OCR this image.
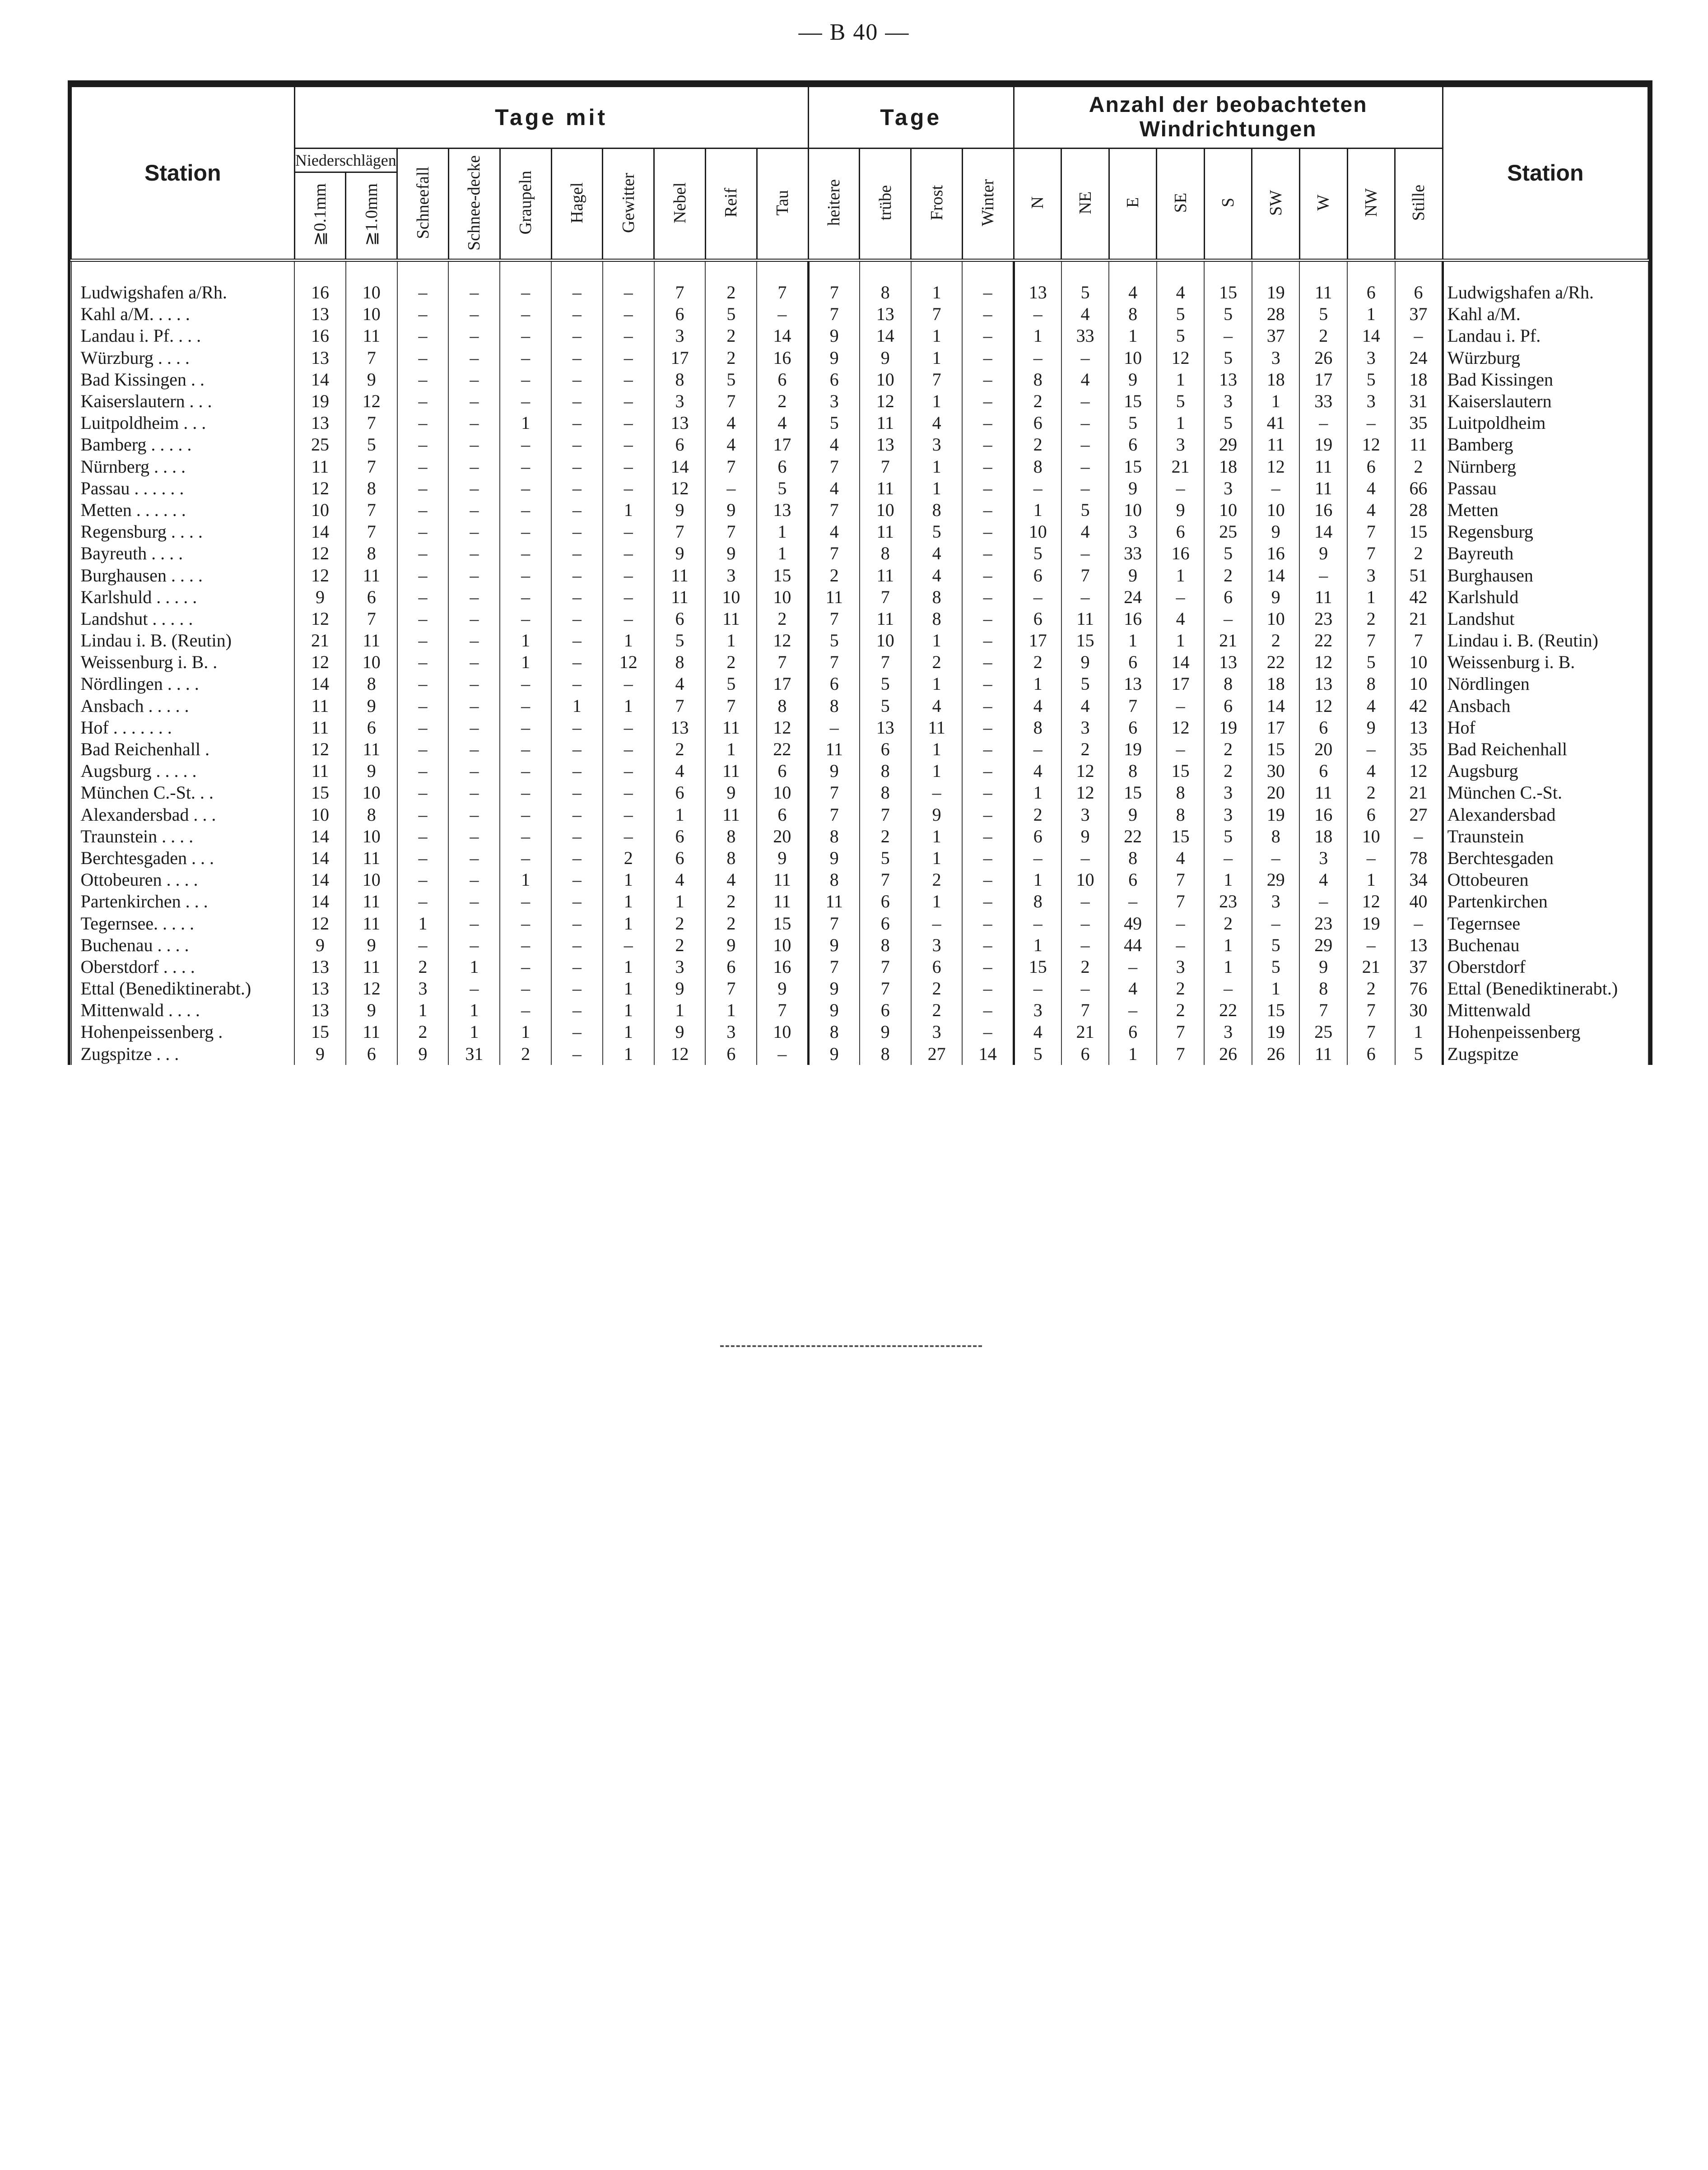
— B 40 —
Station	Tage mit										Tage				Anzahl der beobachteten
Windrichtungen									Station
	Niederschlägen		Schneefall	Schnee-decke	Graupeln	Hagel	Gewitter	Nebel	Reif	Tau	heitere	trübe	Frost	Winter	N	NE	E	SE	S	SW	W	NW	Stille	
	≧0.1mm	≧1.0mm																						
Ludwigshafen a/Rh.	16	10	–	–	–	–	–	7	2	7	7	8	1	–	13	5	4	4	15	19	11	6	6	Ludwigshafen a/Rh.
Kahl a/M. . . . .	13	10	–	–	–	–	–	6	5	–	7	13	7	–	–	4	8	5	5	28	5	1	37	Kahl a/M.
Landau i. Pf. . . .	16	11	–	–	–	–	–	3	2	14	9	14	1	–	1	33	1	5	–	37	2	14	–	Landau i. Pf.
Würzburg . . . .	13	7	–	–	–	–	–	17	2	16	9	9	1	–	–	–	10	12	5	3	26	3	24	Würzburg
Bad Kissingen . .	14	9	–	–	–	–	–	8	5	6	6	10	7	–	8	4	9	1	13	18	17	5	18	Bad Kissingen
Kaiserslautern . . .	19	12	–	–	–	–	–	3	7	2	3	12	1	–	2	–	15	5	3	1	33	3	31	Kaiserslautern
Luitpoldheim . . .	13	7	–	–	1	–	–	13	4	4	5	11	4	–	6	–	5	1	5	41	–	–	35	Luitpoldheim
Bamberg . . . . .	25	5	–	–	–	–	–	6	4	17	4	13	3	–	2	–	6	3	29	11	19	12	11	Bamberg
Nürnberg . . . .	11	7	–	–	–	–	–	14	7	6	7	7	1	–	8	–	15	21	18	12	11	6	2	Nürnberg
Passau . . . . . .	12	8	–	–	–	–	–	12	–	5	4	11	1	–	–	–	9	–	3	–	11	4	66	Passau
Metten . . . . . .	10	7	–	–	–	–	1	9	9	13	7	10	8	–	1	5	10	9	10	10	16	4	28	Metten
Regensburg . . . .	14	7	–	–	–	–	–	7	7	1	4	11	5	–	10	4	3	6	25	9	14	7	15	Regensburg
Bayreuth . . . .	12	8	–	–	–	–	–	9	9	1	7	8	4	–	5	–	33	16	5	16	9	7	2	Bayreuth
Burghausen . . . .	12	11	–	–	–	–	–	11	3	15	2	11	4	–	6	7	9	1	2	14	–	3	51	Burghausen
Karlshuld . . . . .	9	6	–	–	–	–	–	11	10	10	11	7	8	–	–	–	24	–	6	9	11	1	42	Karlshuld
Landshut . . . . .	12	7	–	–	–	–	–	6	11	2	7	11	8	–	6	11	16	4	–	10	23	2	21	Landshut
Lindau i. B. (Reutin)	21	11	–	–	1	–	1	5	1	12	5	10	1	–	17	15	1	1	21	2	22	7	7	Lindau i. B. (Reutin)
Weissenburg i. B. .	12	10	–	–	1	–	12	8	2	7	7	7	2	–	2	9	6	14	13	22	12	5	10	Weissenburg i. B.
Nördlingen . . . .	14	8	–	–	–	–	–	4	5	17	6	5	1	–	1	5	13	17	8	18	13	8	10	Nördlingen
Ansbach . . . . .	11	9	–	–	–	1	1	7	7	8	8	5	4	–	4	4	7	–	6	14	12	4	42	Ansbach
Hof . . . . . . .	11	6	–	–	–	–	–	13	11	12	–	13	11	–	8	3	6	12	19	17	6	9	13	Hof
Bad Reichenhall .	12	11	–	–	–	–	–	2	1	22	11	6	1	–	–	2	19	–	2	15	20	–	35	Bad Reichenhall
Augsburg . . . . .	11	9	–	–	–	–	–	4	11	6	9	8	1	–	4	12	8	15	2	30	6	4	12	Augsburg
München C.-St. . .	15	10	–	–	–	–	–	6	9	10	7	8	–	–	1	12	15	8	3	20	11	2	21	München C.-St.
Alexandersbad . . .	10	8	–	–	–	–	–	1	11	6	7	7	9	–	2	3	9	8	3	19	16	6	27	Alexandersbad
Traunstein . . . .	14	10	–	–	–	–	–	6	8	20	8	2	1	–	6	9	22	15	5	8	18	10	–	Traunstein
Berchtesgaden . . .	14	11	–	–	–	–	2	6	8	9	9	5	1	–	–	–	8	4	–	–	3	–	78	Berchtesgaden
Ottobeuren . . . .	14	10	–	–	1	–	1	4	4	11	8	7	2	–	1	10	6	7	1	29	4	1	34	Ottobeuren
Partenkirchen . . .	14	11	–	–	–	–	1	1	2	11	11	6	1	–	8	–	–	7	23	3	–	12	40	Partenkirchen
Tegernsee. . . . .	12	11	1	–	–	–	1	2	2	15	7	6	–	–	–	–	49	–	2	–	23	19	–	Tegernsee
Buchenau . . . .	9	9	–	–	–	–	–	2	9	10	9	8	3	–	1	–	44	–	1	5	29	–	13	Buchenau
Oberstdorf . . . .	13	11	2	1	–	–	1	3	6	16	7	7	6	–	15	2	–	3	1	5	9	21	37	Oberstdorf
Ettal (Benediktinerabt.)	13	12	3	–	–	–	1	9	7	9	9	7	2	–	–	–	4	2	–	1	8	2	76	Ettal (Benediktinerabt.)
Mittenwald . . . .	13	9	1	1	–	–	1	1	1	7	9	6	2	–	3	7	–	2	22	15	7	7	30	Mittenwald
Hohenpeissenberg .	15	11	2	1	1	–	1	9	3	10	8	9	3	–	4	21	6	7	3	19	25	7	1	Hohenpeissenberg
Zugspitze . . .	9	6	9	31	2	–	1	12	6	–	9	8	27	14	5	6	1	7	26	26	11	6	5	Zugspitze
